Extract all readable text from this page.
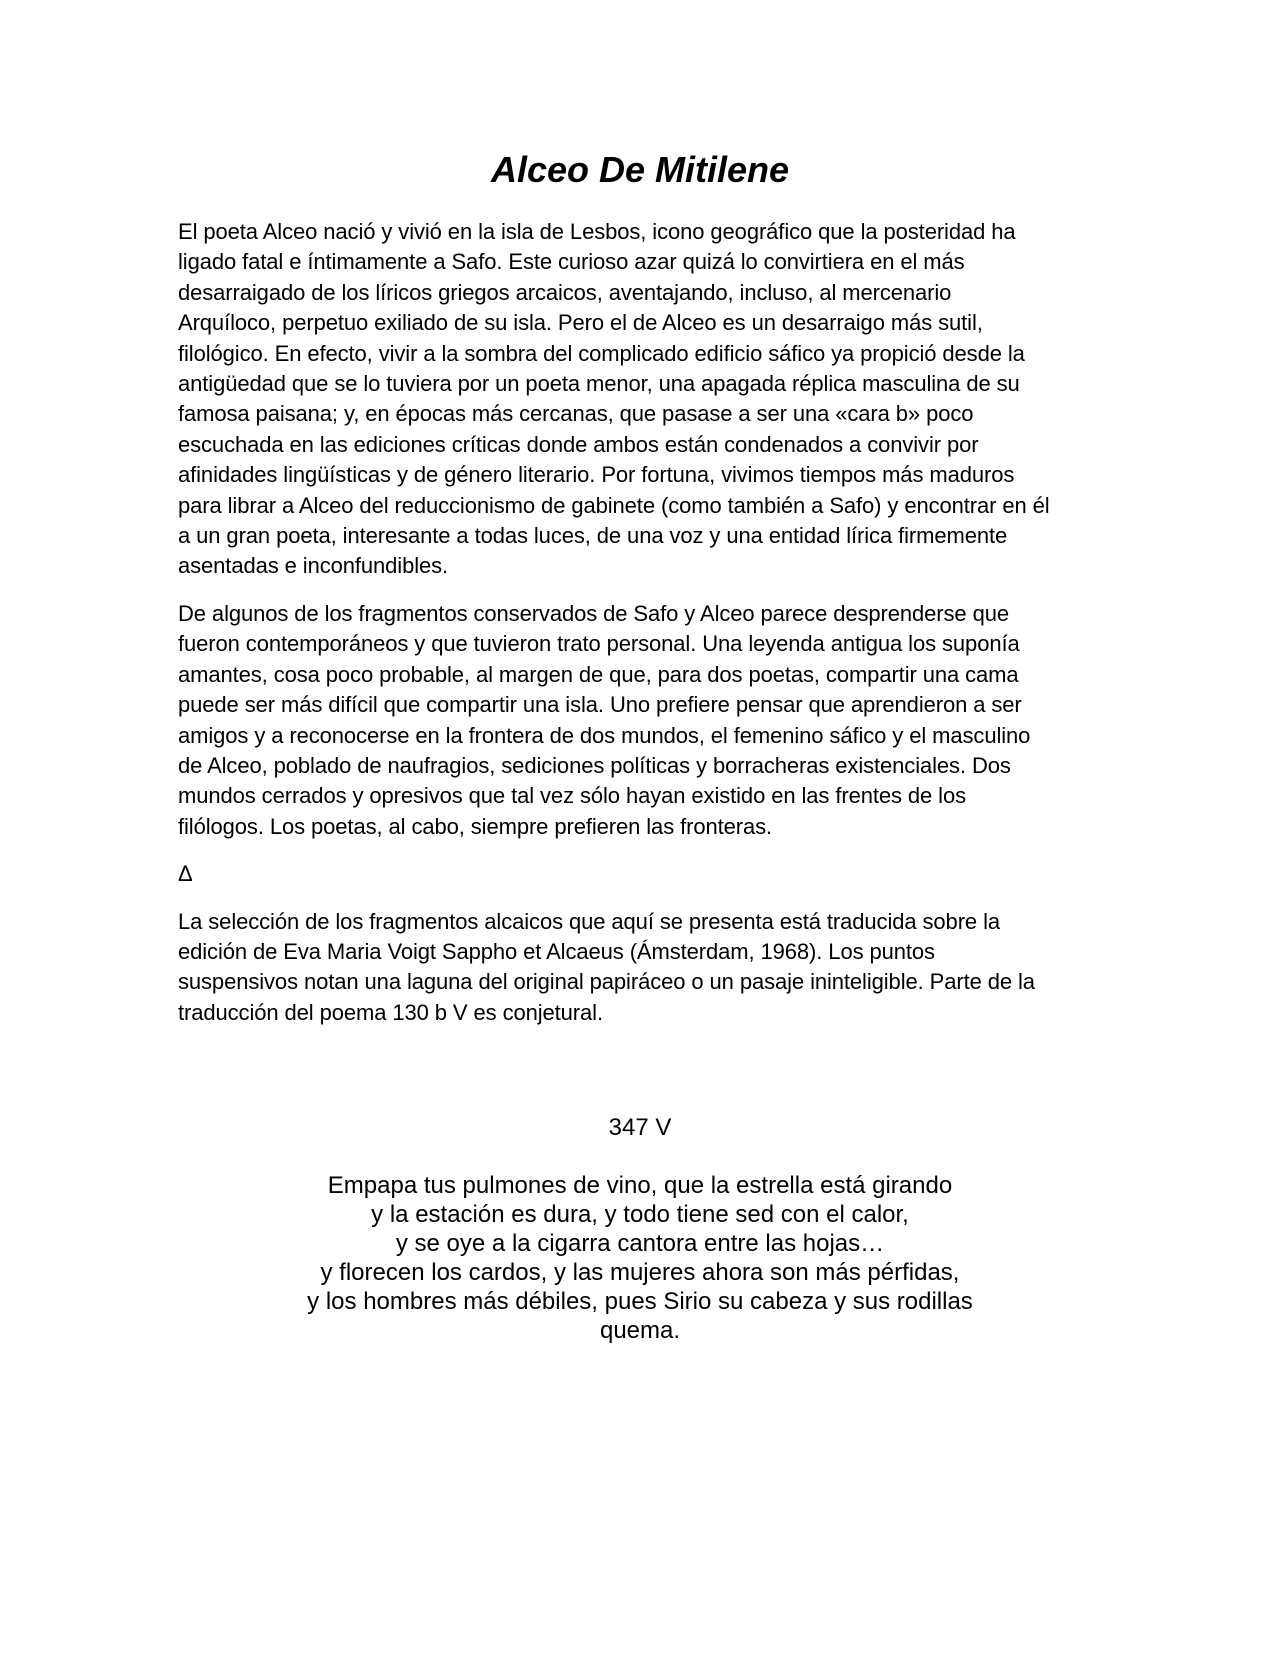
Alceo De Mitilene

El poeta Alceo nació y vivió en la isla de Lesbos, icono geográfico que la posteridad ha
ligado fatal e íntimamente a Safo. Este curioso azar quizá lo convirtiera en el más
desarraigado de los líricos griegos arcaicos, aventajando, incluso, al mercenario
Arquíloco, perpetuo exiliado de su isla. Pero el de Alceo es un desarraigo más sutil,
filológico. En efecto, vivir a la sombra del complicado edificio sáfico ya propició desde la
antigüedad que se lo tuviera por un poeta menor, una apagada réplica masculina de su
famosa paisana; y, en épocas más cercanas, que pasase a ser una «cara b» poco
escuchada en las ediciones críticas donde ambos están condenados a convivir por
afinidades lingüísticas y de género literario. Por fortuna, vivimos tiempos más maduros
para librar a Alceo del reduccionismo de gabinete (como también a Safo) y encontrar en él
a un gran poeta, interesante a todas luces, de una voz y una entidad lírica firmemente
asentadas e inconfundibles.

De algunos de los fragmentos conservados de Safo y Alceo parece desprenderse que
fueron contemporáneos y que tuvieron trato personal. Una leyenda antigua los suponía
amantes, cosa poco probable, al margen de que, para dos poetas, compartir una cama
puede ser más difícil que compartir una isla. Uno prefiere pensar que aprendieron a ser
amigos y a reconocerse en la frontera de dos mundos, el femenino sáfico y el masculino
de Alceo, poblado de naufragios, sediciones políticas y borracheras existenciales. Dos
mundos cerrados y opresivos que tal vez sólo hayan existido en las frentes de los
filólogos. Los poetas, al cabo, siempre prefieren las fronteras.

Δ

La selección de los fragmentos alcaicos que aquí se presenta está traducida sobre la
edición de Eva Maria Voigt Sappho et Alcaeus (Ámsterdam, 1968). Los puntos
suspensivos notan una laguna del original papiráceo o un pasaje ininteligible. Parte de la
traducción del poema 130 b V es conjetural.

347 V

Empapa tus pulmones de vino, que la estrella está girando
y la estación es dura, y todo tiene sed con el calor,
y se oye a la cigarra cantora entre las hojas…
y florecen los cardos, y las mujeres ahora son más pérfidas,
y los hombres más débiles, pues Sirio su cabeza y sus rodillas
quema.
